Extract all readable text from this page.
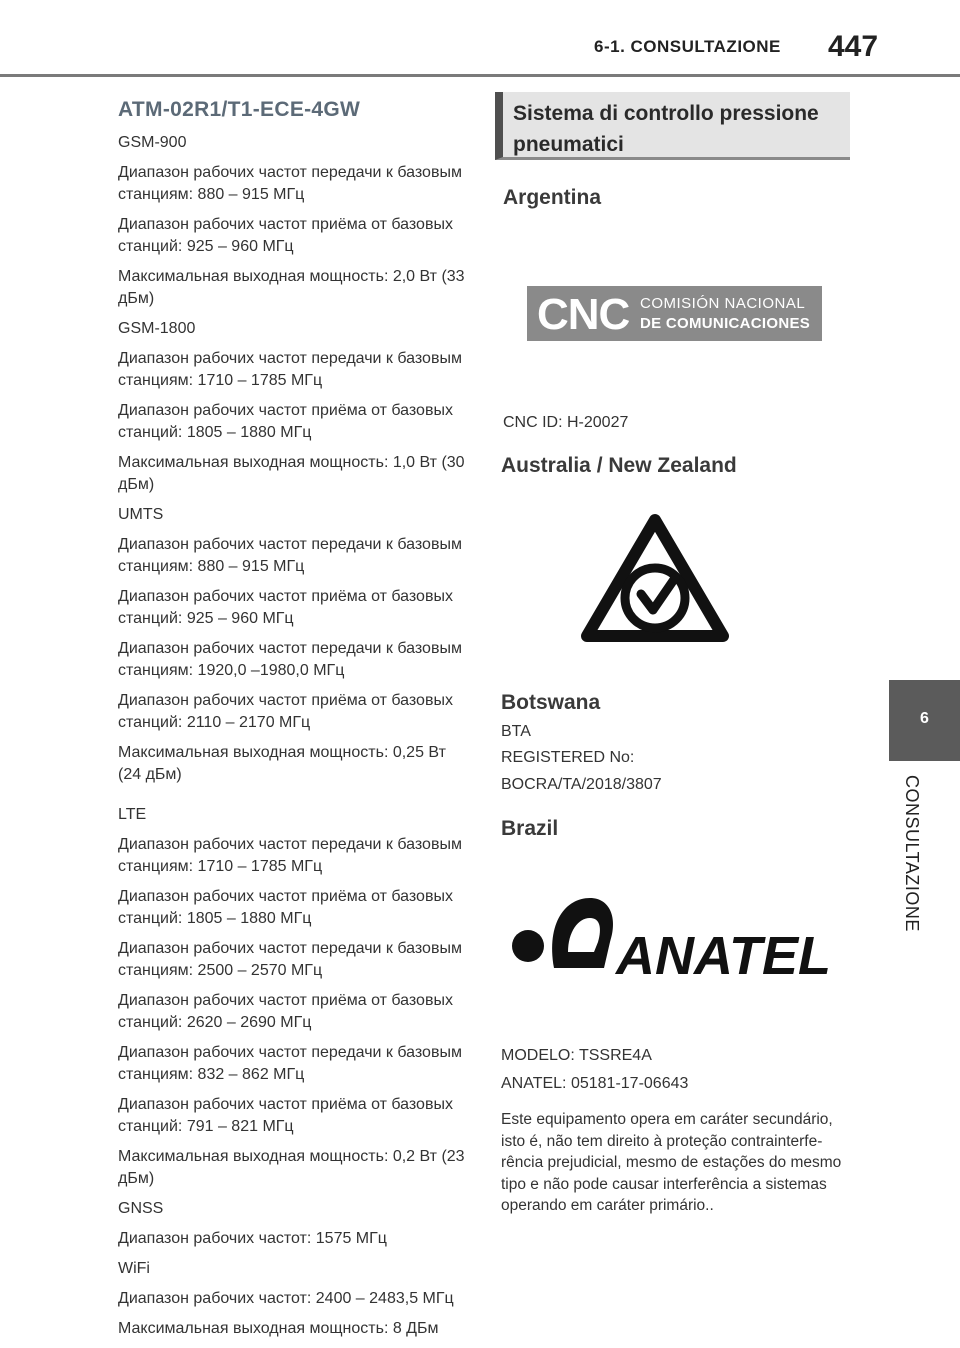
6-1. CONSULTAZIONE 447
ATM-02R1/T1-ECE-4GW

GSM-900

Диапазон рабочих частот передачи к базовым станциям: 880 – 915 МГц

Диапазон рабочих частот приёма от базовых станций: 925 – 960 МГц

Максимальная выходная мощность: 2,0 Вт (33 дБм)

GSM-1800

Диапазон рабочих частот передачи к базовым станциям: 1710 – 1785 МГц

Диапазон рабочих частот приёма от базовых станций: 1805 – 1880 МГц

Максимальная выходная мощность: 1,0 Вт (30 дБм)

UMTS

Диапазон рабочих частот передачи к базовым станциям: 880 – 915 МГц

Диапазон рабочих частот приёма от базовых станций: 925 – 960 МГц

Диапазон рабочих частот передачи к базовым станциям: 1920,0 –1980,0 МГц

Диапазон рабочих частот приёма от базовых станций: 2110 – 2170 МГц

Максимальная выходная мощность: 0,25 Вт (24 дБм)

LTE

Диапазон рабочих частот передачи к базовым станциям: 1710 – 1785 МГц

Диапазон рабочих частот приёма от базовых станций: 1805 – 1880 МГц

Диапазон рабочих частот передачи к базовым станциям: 2500 – 2570 МГц

Диапазон рабочих частот приёма от базовых станций: 2620 – 2690 МГц

Диапазон рабочих частот передачи к базовым станциям: 832 – 862 МГц

Диапазон рабочих частот приёма от базовых станций: 791 – 821 МГц

Максимальная выходная мощность: 0,2 Вт (23 дБм)

GNSS

Диапазон рабочих частот: 1575 МГц

WiFi

Диапазон рабочих частот: 2400 – 2483,5 МГц

Максимальная выходная мощность: 8 ДБм

Sistema di controllo pressione pneumatici
Argentina
CNC COMISIÓN NACIONAL
DE COMUNICACIONES
CNC ID: H-20027
Australia / New Zealand
Botswana
BTA
REGISTERED No:
BOCRA/TA/2018/3807
Brazil
ANATEL
MODELO: TSSRE4A
ANATEL: 05181-17-06643
Este equipamento opera em caráter secundário, isto é, não tem direito à proteção contrainterfe-rência prejudicial, mesmo de estações do mesmo tipo e não pode causar interferência a sistemas operando em caráter primário..
6
CONSULTAZIONE
